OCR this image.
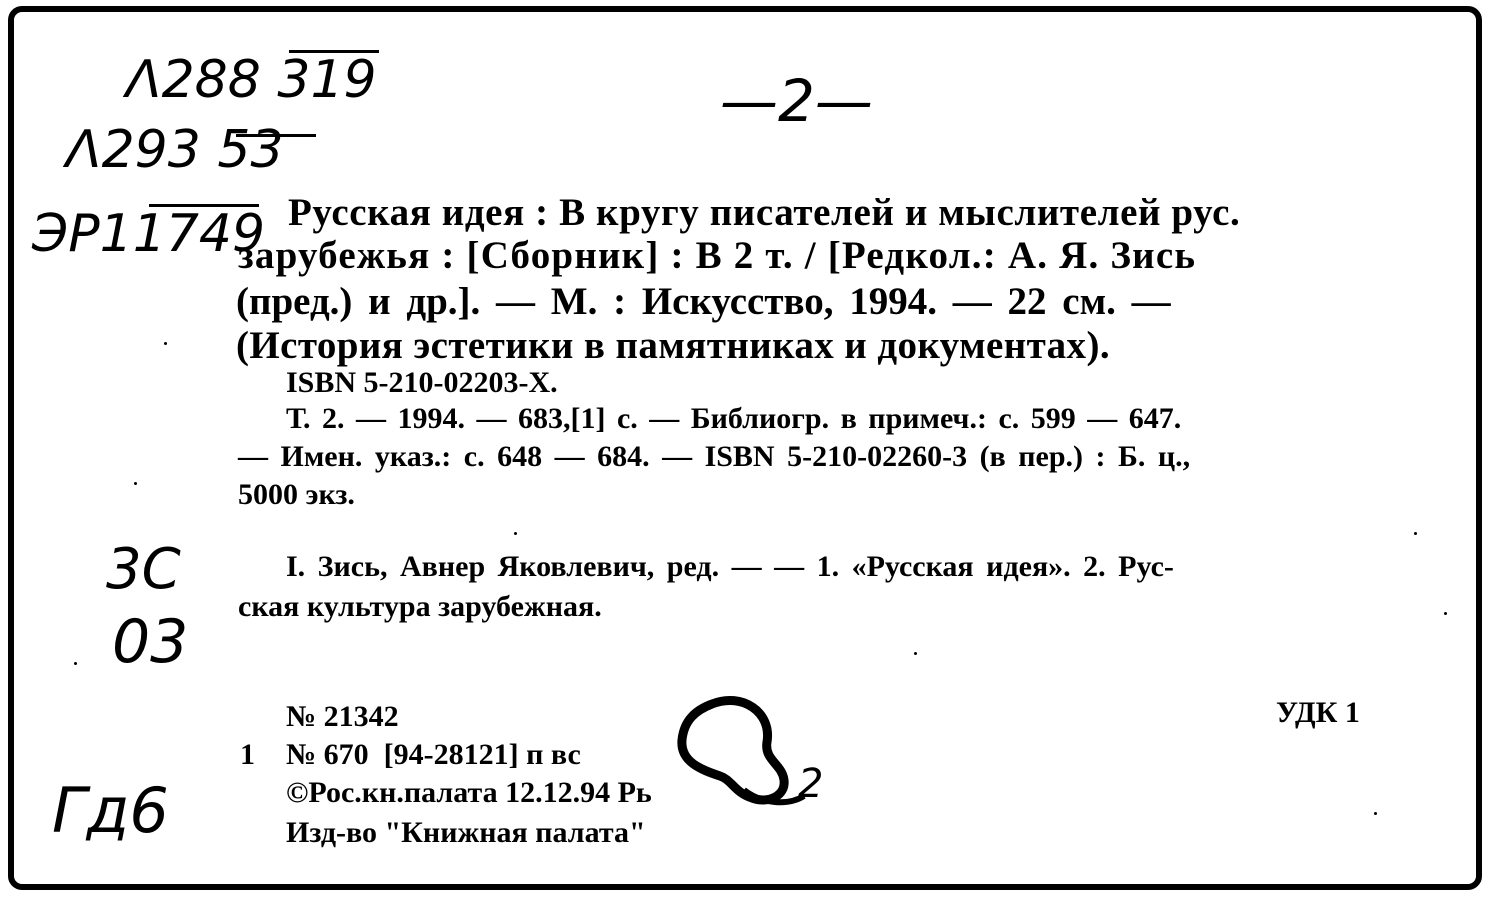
Λ288 319
Λ293 53
ЭР11749
—2—
3С
03
Гд6
Русская идея : В кругу писателей и мыслителей рус.
зарубежья : [Сборник] : В 2 т. / [Редкол.: А. Я. Зись
(пред.) и др.]. — М. : Искусство, 1994. — 22 см. —
(История эстетики в памятниках и документах).
ISBN 5-210-02203-X.
Т. 2. — 1994. — 683,[1] с. — Библиогр. в примеч.: с. 599 — 647.
— Имен. указ.: с. 648 — 684. — ISBN 5-210-02260-3 (в пер.) : Б. ц.,
5000 экз.
I. Зись, Авнер Яковлевич, ред. — — 1. «Русская идея». 2. Рус-
ская культура зарубежная.
№ 21342
1 № 670  [94-28121] п вс
©Рос.кн.палата 12.12.94 Рь
Изд-во "Книжная палата"
УДК 1
2
